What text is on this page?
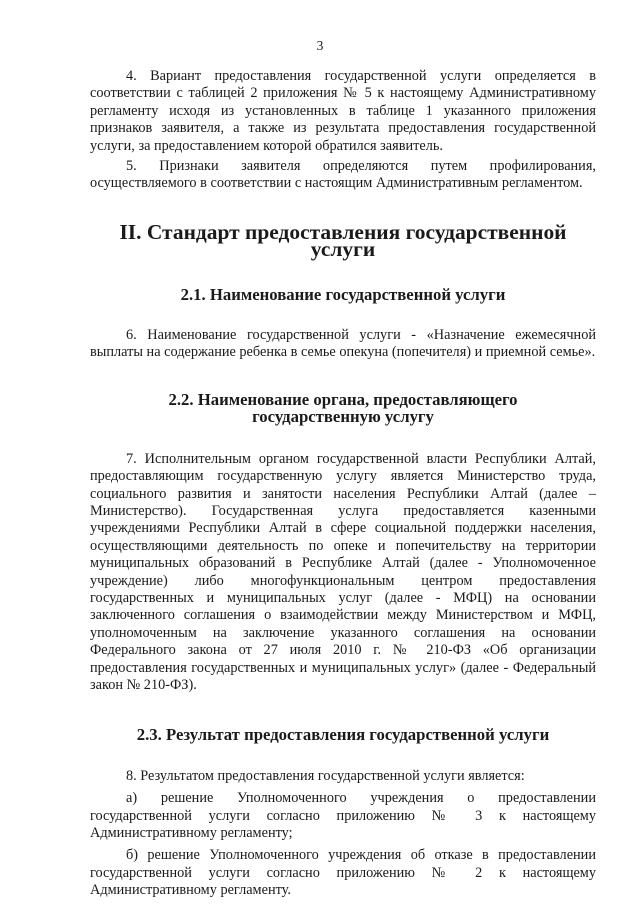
3

4. Вариант предоставления государственной услуги определяется в соответствии с таблицей 2 приложения № 5 к настоящему Административному регламенту исходя из установленных в таблице 1 указанного приложения признаков заявителя, а также из результата предоставления государственной услуги, за предоставлением которой обратился заявитель.

5. Признаки заявителя определяются путем профилирования, осуществляемого в соответствии с настоящим Административным регламентом.

II. Стандарт предоставления государственной услуги
2.1. Наименование государственной услуги

6. Наименование государственной услуги - «Назначение ежемесячной выплаты на содержание ребенка в семье опекуна (попечителя) и приемной семье».

2.2. Наименование органа, предоставляющего
государственную услугу

7. Исполнительным органом государственной власти Республики Алтай, предоставляющим государственную услугу является Министерство труда, социального развития и занятости населения Республики Алтай (далее – Министерство). Государственная услуга предоставляется казенными учреждениями Республики Алтай в сфере социальной поддержки населения, осуществляющими деятельность по опеке и попечительству на территории муниципальных образований в Республике Алтай (далее - Уполномоченное учреждение) либо многофункциональным центром предоставления государственных и муниципальных услуг (далее - МФЦ) на основании заключенного соглашения о взаимодействии между Министерством и МФЦ, уполномоченным на заключение указанного соглашения на основании Федерального закона от 27 июля 2010 г. № 210-ФЗ «Об организации предоставления государственных и муниципальных услуг» (далее - Федеральный закон № 210-ФЗ).

2.3. Результат предоставления государственной услуги

8. Результатом предоставления государственной услуги является:

а) решение Уполномоченного учреждения о предоставлении государственной услуги согласно приложению № 3 к настоящему Административному регламенту;

б) решение Уполномоченного учреждения об отказе в предоставлении государственной услуги согласно приложению № 2 к настоящему Административному регламенту.
